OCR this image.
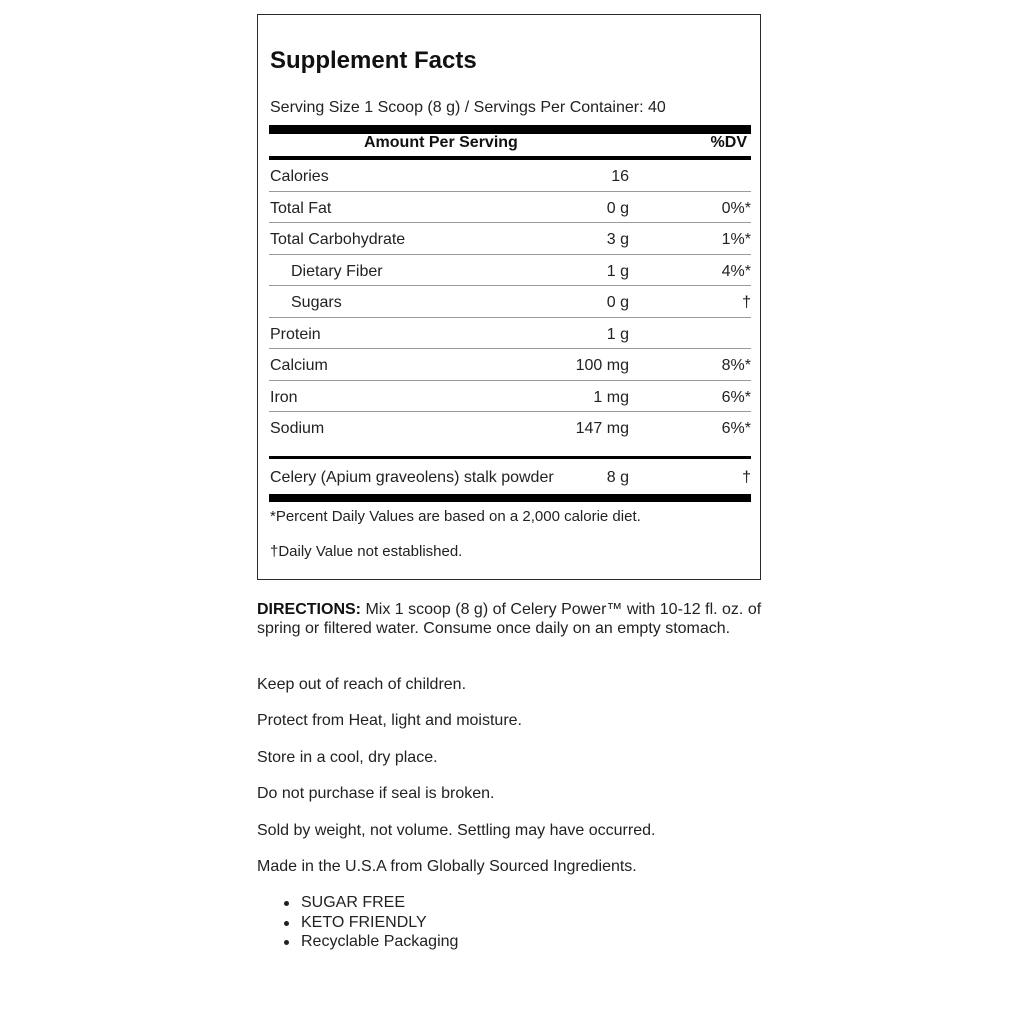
Supplement Facts
Serving Size 1 Scoop (8 g) / Servings Per Container: 40
Amount Per Serving	%DV
Calories	16
Total Fat	0 g	0%*
Total Carbohydrate	3 g	1%*
Dietary Fiber	1 g	4%*
Sugars	0 g	†
Protein	1 g
Calcium	100 mg	8%*
Iron	1 mg	6%*
Sodium	147 mg	6%*
Celery (Apium graveolens) stalk powder	8 g	†
*Percent Daily Values are based on a 2,000 calorie diet.
†Daily Value not established.
DIRECTIONS: Mix 1 scoop (8 g) of Celery Power™ with 10-12 fl. oz. of spring or filtered water. Consume once daily on an empty stomach.
Keep out of reach of children.
Protect from Heat, light and moisture.
Store in a cool, dry place.
Do not purchase if seal is broken.
Sold by weight, not volume. Settling may have occurred.
Made in the U.S.A from Globally Sourced Ingredients.
SUGAR FREE
KETO FRIENDLY
Recyclable Packaging
